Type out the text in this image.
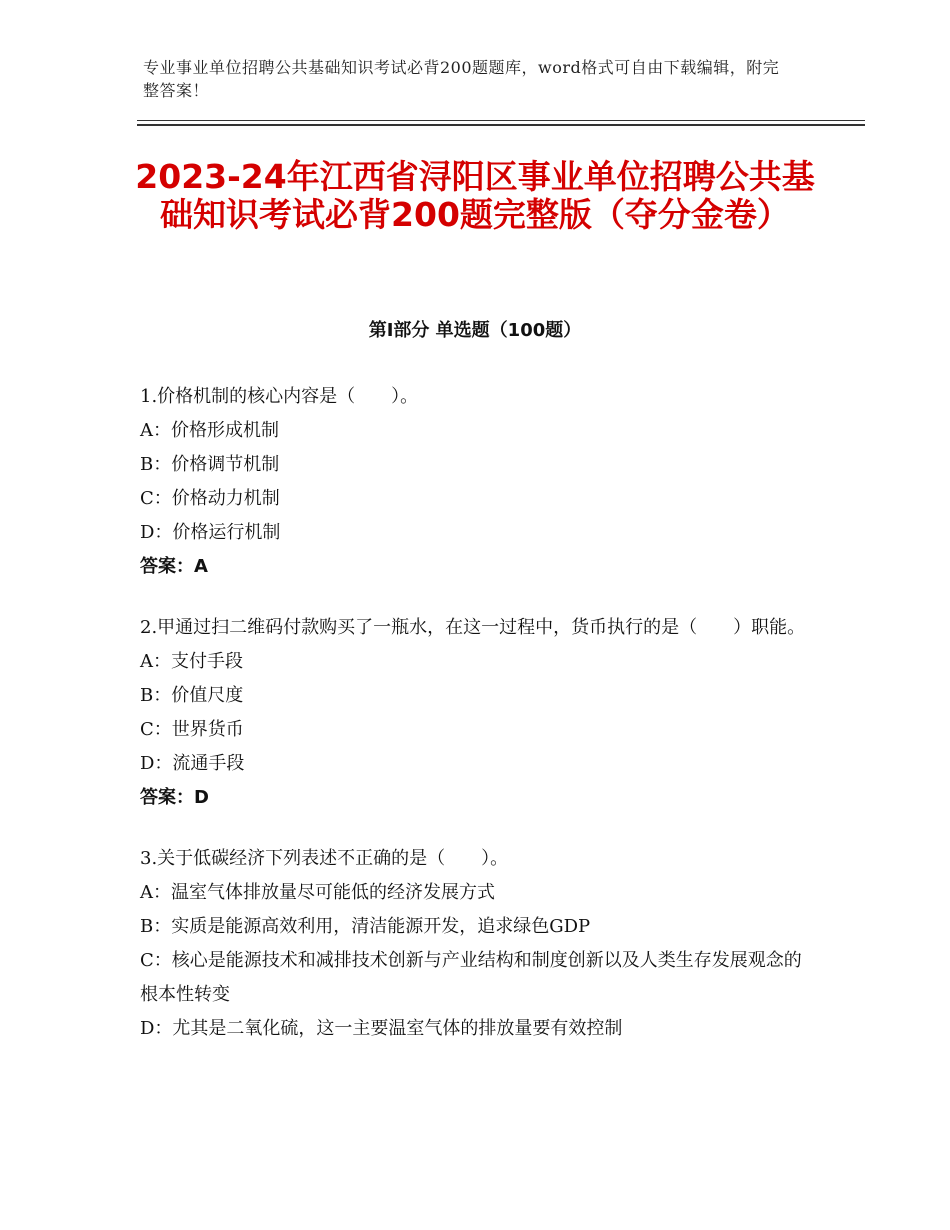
专业事业单位招聘公共基础知识考试必背200题题库，word格式可自由下载编辑，附完整答案！
2023-24年江西省浔阳区事业单位招聘公共基础知识考试必背200题完整版（夺分金卷）
第Ⅰ部分 单选题（100题）
1.价格机制的核心内容是（　　）。
A：价格形成机制
B：价格调节机制
C：价格动力机制
D：价格运行机制
答案：A
2.甲通过扫二维码付款购买了一瓶水，在这一过程中，货币执行的是（　　）职能。
A：支付手段
B：价值尺度
C：世界货币
D：流通手段
答案：D
3.关于低碳经济下列表述不正确的是（　　）。
A：温室气体排放量尽可能低的经济发展方式
B：实质是能源高效利用，清洁能源开发，追求绿色GDP
C：核心是能源技术和减排技术创新与产业结构和制度创新以及人类生存发展观念的根本性转变
D：尤其是二氧化硫，这一主要温室气体的排放量要有效控制
